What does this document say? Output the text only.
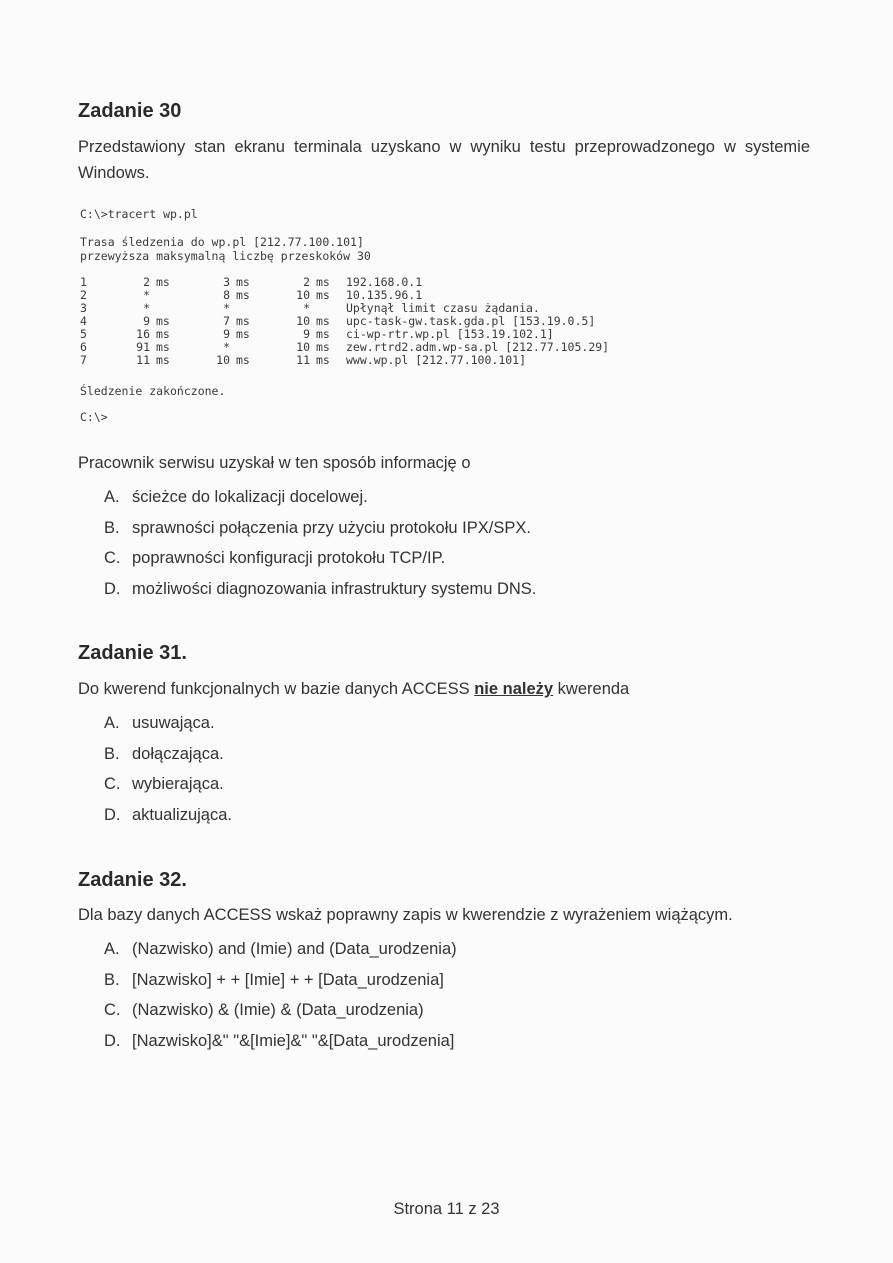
Zadanie 30

Przedstawiony stan ekranu terminala uzyskano w wyniku testu przeprowadzonego w systemie Windows.

C:\>tracert wp.pl
Trasa śledzenia do wp.pl [212.77.100.101]
przewyższa maksymalną liczbę przeskoków 30
1	2 ms	3 ms	2 ms	192.168.0.1
2	*	8 ms	10 ms	10.135.96.1
3	*	*	*	Upłynął limit czasu żądania.
4	9 ms	7 ms	10 ms	upc-task-gw.task.gda.pl [153.19.0.5]
5	16 ms	9 ms	9 ms	ci-wp-rtr.wp.pl [153.19.102.1]
6	91 ms	*	10 ms	zew.rtrd2.adm.wp-sa.pl [212.77.105.29]
7	11 ms	10 ms	11 ms	www.wp.pl [212.77.100.101]
Śledzenie zakończone.
C:\>

Pracownik serwisu uzyskał w ten sposób informację o

A. ścieżce do lokalizacji docelowej.
B. sprawności połączenia przy użyciu protokołu IPX/SPX.
C. poprawności konfiguracji protokołu TCP/IP.
D. możliwości diagnozowania infrastruktury systemu DNS.
Zadanie 31.

Do kwerend funkcjonalnych w bazie danych ACCESS nie należy kwerenda

A. usuwająca.
B. dołączająca.
C. wybierająca.
D. aktualizująca.
Zadanie 32.

Dla bazy danych ACCESS wskaż poprawny zapis w kwerendzie z wyrażeniem wiążącym.

A. (Nazwisko) and (Imie) and (Data_urodzenia)
B. [Nazwisko] + + [Imie] + + [Data_urodzenia]
C. (Nazwisko) & (Imie) & (Data_urodzenia)
D. [Nazwisko]&" "&[Imie]&" "&[Data_urodzenia]
Strona 11 z 23
